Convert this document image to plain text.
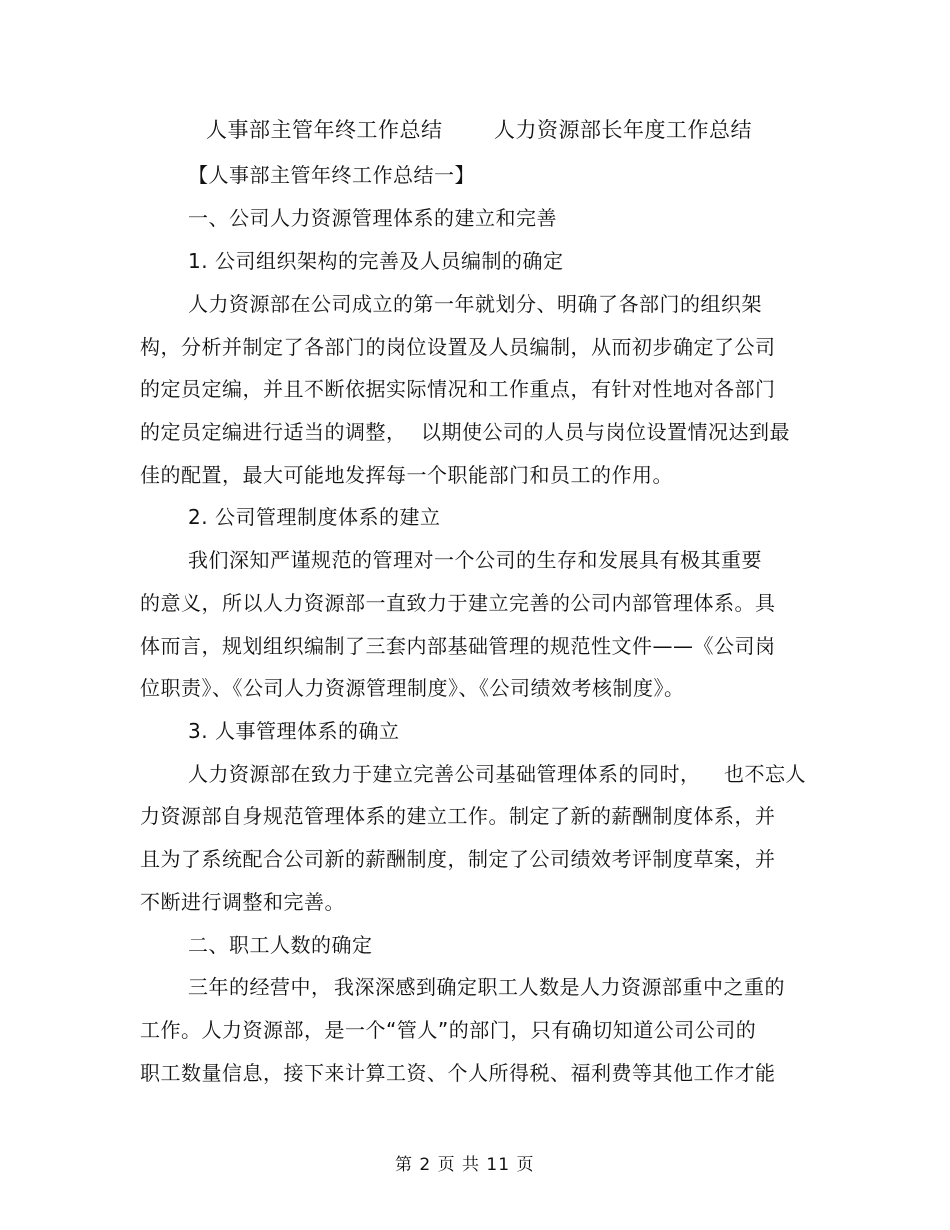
人事部主管年终工作总结 人力资源部长年度工作总结
【人事部主管年终工作总结一】
一、公司人力资源管理体系的建立和完善
1. 公司组织架构的完善及人员编制的确定
人力资源部在公司成立的第一年就划分、明确了各部门的组织架
构，分析并制定了各部门的岗位设置及人员编制，从而初步确定了公司
的定员定编，并且不断依据实际情况和工作重点，有针对性地对各部门
的定员定编进行适当的调整， 以期使公司的人员与岗位设置情况达到最
佳的配置，最大可能地发挥每一个职能部门和员工的作用。
2. 公司管理制度体系的建立
我们深知严谨规范的管理对一个公司的生存和发展具有极其重要
的意义，所以人力资源部一直致力于建立完善的公司内部管理体系。具
体而言，规划组织编制了三套内部基础管理的规范性文件——《公司岗
位职责》、《公司人力资源管理制度》、《公司绩效考核制度》。
3. 人事管理体系的确立
人力资源部在致力于建立完善公司基础管理体系的同时， 也不忘人
力资源部自身规范管理体系的建立工作。制定了新的薪酬制度体系，并
且为了系统配合公司新的薪酬制度，制定了公司绩效考评制度草案，并
不断进行调整和完善。
二、职工人数的确定
三年的经营中， 我深深感到确定职工人数是人力资源部重中之重的
工作。人力资源部，是一个“管人”的部门，只有确切知道公司公司的
职工数量信息，接下来计算工资、个人所得税、福利费等其他工作才能
第 2 页 共 11 页
